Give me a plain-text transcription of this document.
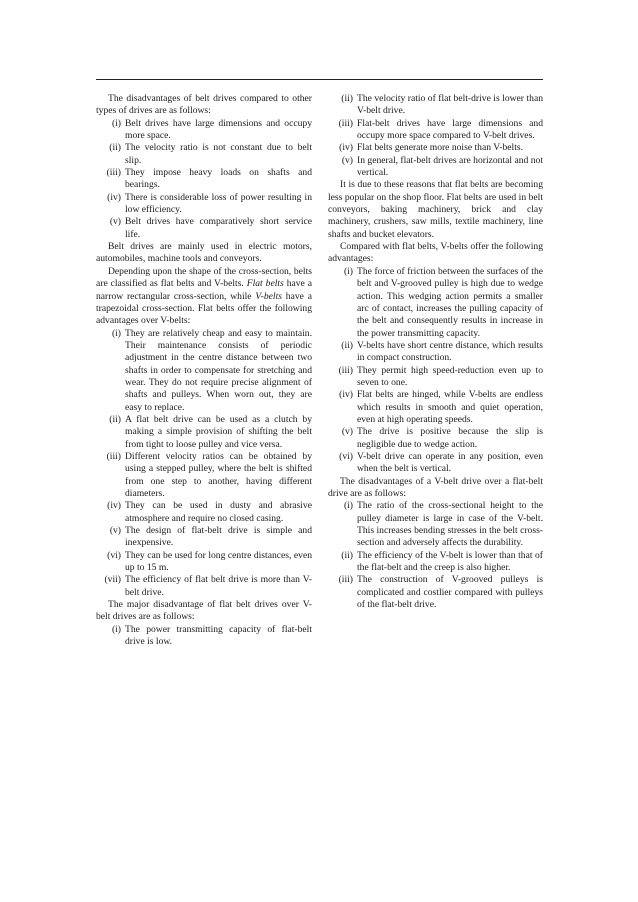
The disadvantages of belt drives compared to other types of drives are as follows:

(i) Belt drives have large dimensions and occupy more space.
(ii) The velocity ratio is not constant due to belt slip.
(iii) They impose heavy loads on shafts and bearings.
(iv) There is considerable loss of power resulting in low efficiency.
(v) Belt drives have comparatively short service life.

Belt drives are mainly used in electric motors, automobiles, machine tools and conveyors.

Depending upon the shape of the cross-section, belts are classified as flat belts and V-belts. Flat belts have a narrow rectangular cross-section, while V-belts have a trapezoidal cross-section. Flat belts offer the following advantages over V-belts:

(i) They are relatively cheap and easy to maintain. Their maintenance consists of periodic adjustment in the centre distance between two shafts in order to compensate for stretching and wear. They do not require precise alignment of shafts and pulleys. When worn out, they are easy to replace.
(ii) A flat belt drive can be used as a clutch by making a simple provision of shifting the belt from tight to loose pulley and vice versa.
(iii) Different velocity ratios can be obtained by using a stepped pulley, where the belt is shifted from one step to another, having different diameters.
(iv) They can be used in dusty and abrasive atmosphere and require no closed casing.
(v) The design of flat-belt drive is simple and inexpensive.
(vi) They can be used for long centre distances, even up to 15 m.
(vii) The efficiency of flat belt drive is more than V-belt drive.

The major disadvantage of flat belt drives over V-belt drives are as follows:

(i) The power transmitting capacity of flat-belt drive is low.
(ii) The velocity ratio of flat belt-drive is lower than V-belt drive.
(iii) Flat-belt drives have large dimensions and occupy more space compared to V-belt drives.
(iv) Flat belts generate more noise than V-belts.
(v) In general, flat-belt drives are horizontal and not vertical.

It is due to these reasons that flat belts are becoming less popular on the shop floor. Flat belts are used in belt conveyors, baking machinery, brick and clay machinery, crushers, saw mills, textile machinery, line shafts and bucket elevators.

Compared with flat belts, V-belts offer the following advantages:

(i) The force of friction between the surfaces of the belt and V-grooved pulley is high due to wedge action. This wedging action permits a smaller arc of contact, increases the pulling capacity of the belt and consequently results in increase in the power transmitting capacity.
(ii) V-belts have short centre distance, which results in compact construction.
(iii) They permit high speed-reduction even up to seven to one.
(iv) Flat belts are hinged, while V-belts are endless which results in smooth and quiet operation, even at high operating speeds.
(v) The drive is positive because the slip is negligible due to wedge action.
(vi) V-belt drive can operate in any position, even when the belt is vertical.

The disadvantages of a V-belt drive over a flat-belt drive are as follows:

(i) The ratio of the cross-sectional height to the pulley diameter is large in case of the V-belt. This increases bending stresses in the belt cross-section and adversely affects the durability.
(ii) The efficiency of the V-belt is lower than that of the flat-belt and the creep is also higher.
(iii) The construction of V-grooved pulleys is complicated and costlier compared with pulleys of the flat-belt drive.
